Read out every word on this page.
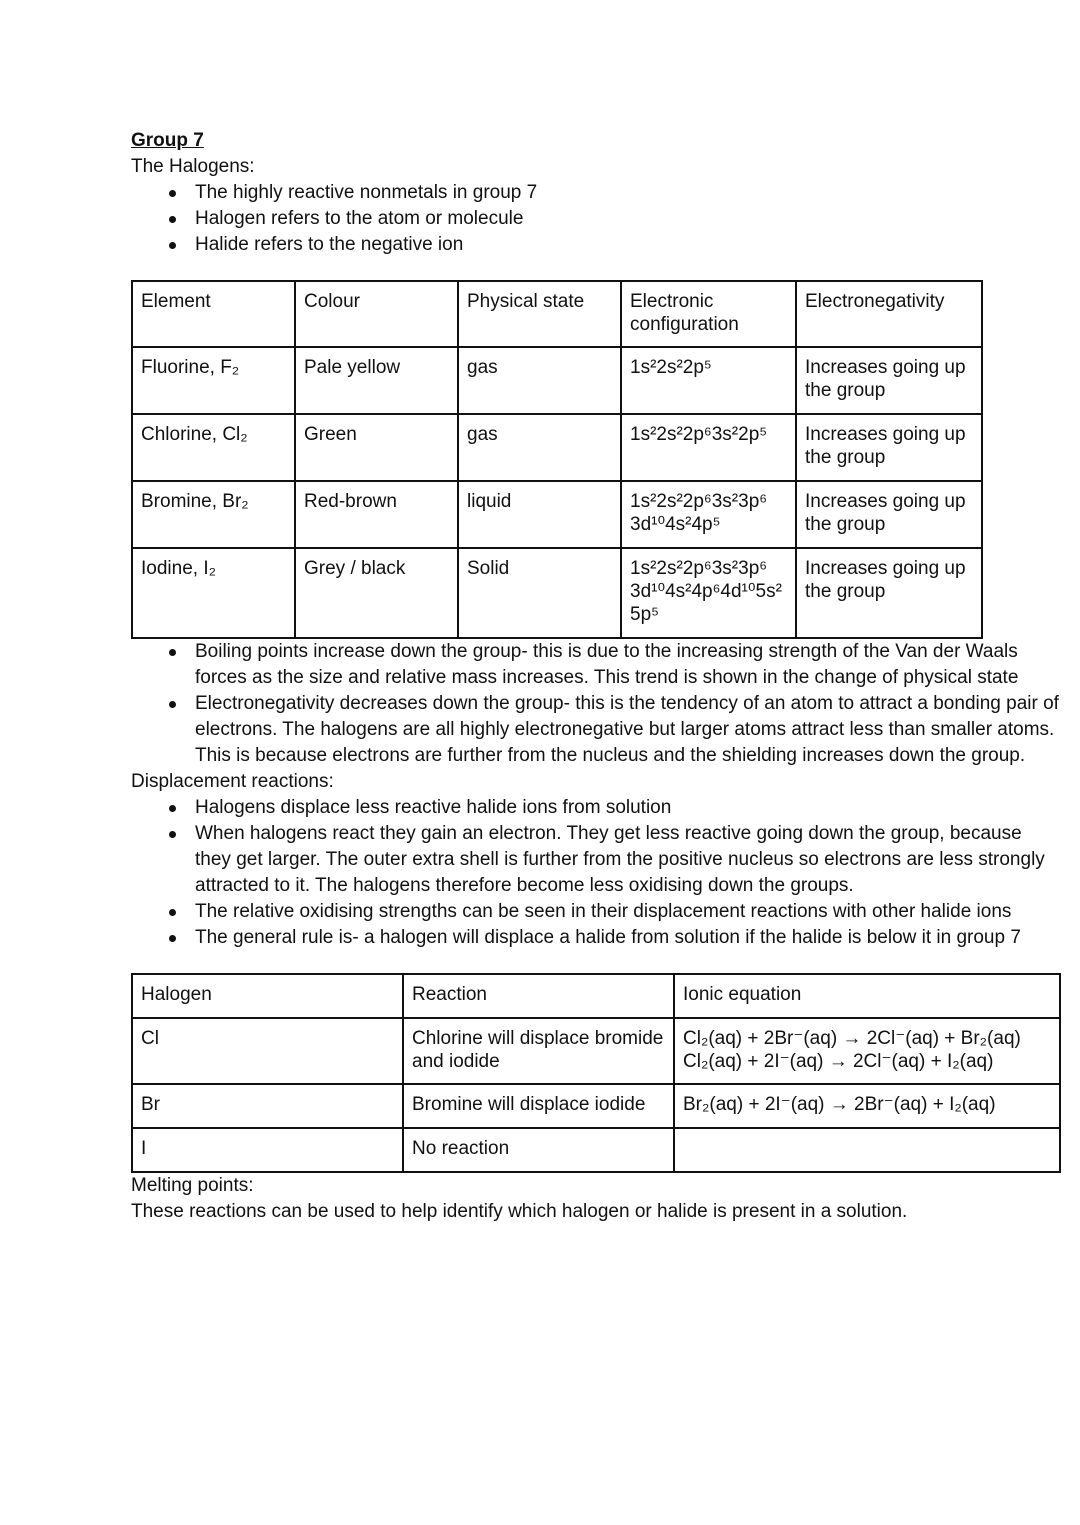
Group 7

The Halogens:

The highly reactive nonmetals in group 7
Halogen refers to the atom or molecule
Halide refers to the negative ion
Element	Colour	Physical state	Electronic configuration	Electronegativity
Fluorine, F₂	Pale yellow	gas	1s²2s²2p⁵	Increases going up the group
Chlorine, Cl₂	Green	gas	1s²2s²2p⁶3s²2p⁵	Increases going up the group
Bromine, Br₂	Red-brown	liquid	1s²2s²2p⁶3s²3p⁶ 3d¹⁰4s²4p⁵	Increases going up the group
Iodine, I₂	Grey / black	Solid	1s²2s²2p⁶3s²3p⁶ 3d¹⁰4s²4p⁶4d¹⁰5s² 5p⁵	Increases going up the group
Boiling points increase down the group- this is due to the increasing strength of the Van der Waals forces as the size and relative mass increases. This trend is shown in the change of physical state
Electronegativity decreases down the group- this is the tendency of an atom to attract a bonding pair of electrons. The halogens are all highly electronegative but larger atoms attract less than smaller atoms. This is because electrons are further from the nucleus and the shielding increases down the group.

Displacement reactions:

Halogens displace less reactive halide ions from solution
When halogens react they gain an electron. They get less reactive going down the group, because they get larger. The outer extra shell is further from the positive nucleus so electrons are less strongly attracted to it. The halogens therefore become less oxidising down the groups.
The relative oxidising strengths can be seen in their displacement reactions with other halide ions
The general rule is- a halogen will displace a halide from solution if the halide is below it in group 7
Halogen	Reaction	Ionic equation
Cl	Chlorine will displace bromide and iodide	Cl₂(aq) + 2Br⁻(aq) → 2Cl⁻(aq) + Br₂(aq)
Cl₂(aq) + 2I⁻(aq) → 2Cl⁻(aq) + I₂(aq)

Br	Bromine will displace iodide	Br₂(aq) + 2I⁻(aq) → 2Br⁻(aq) + I₂(aq)

I	No reaction	

Melting points:

These reactions can be used to help identify which halogen or halide is present in a solution.
